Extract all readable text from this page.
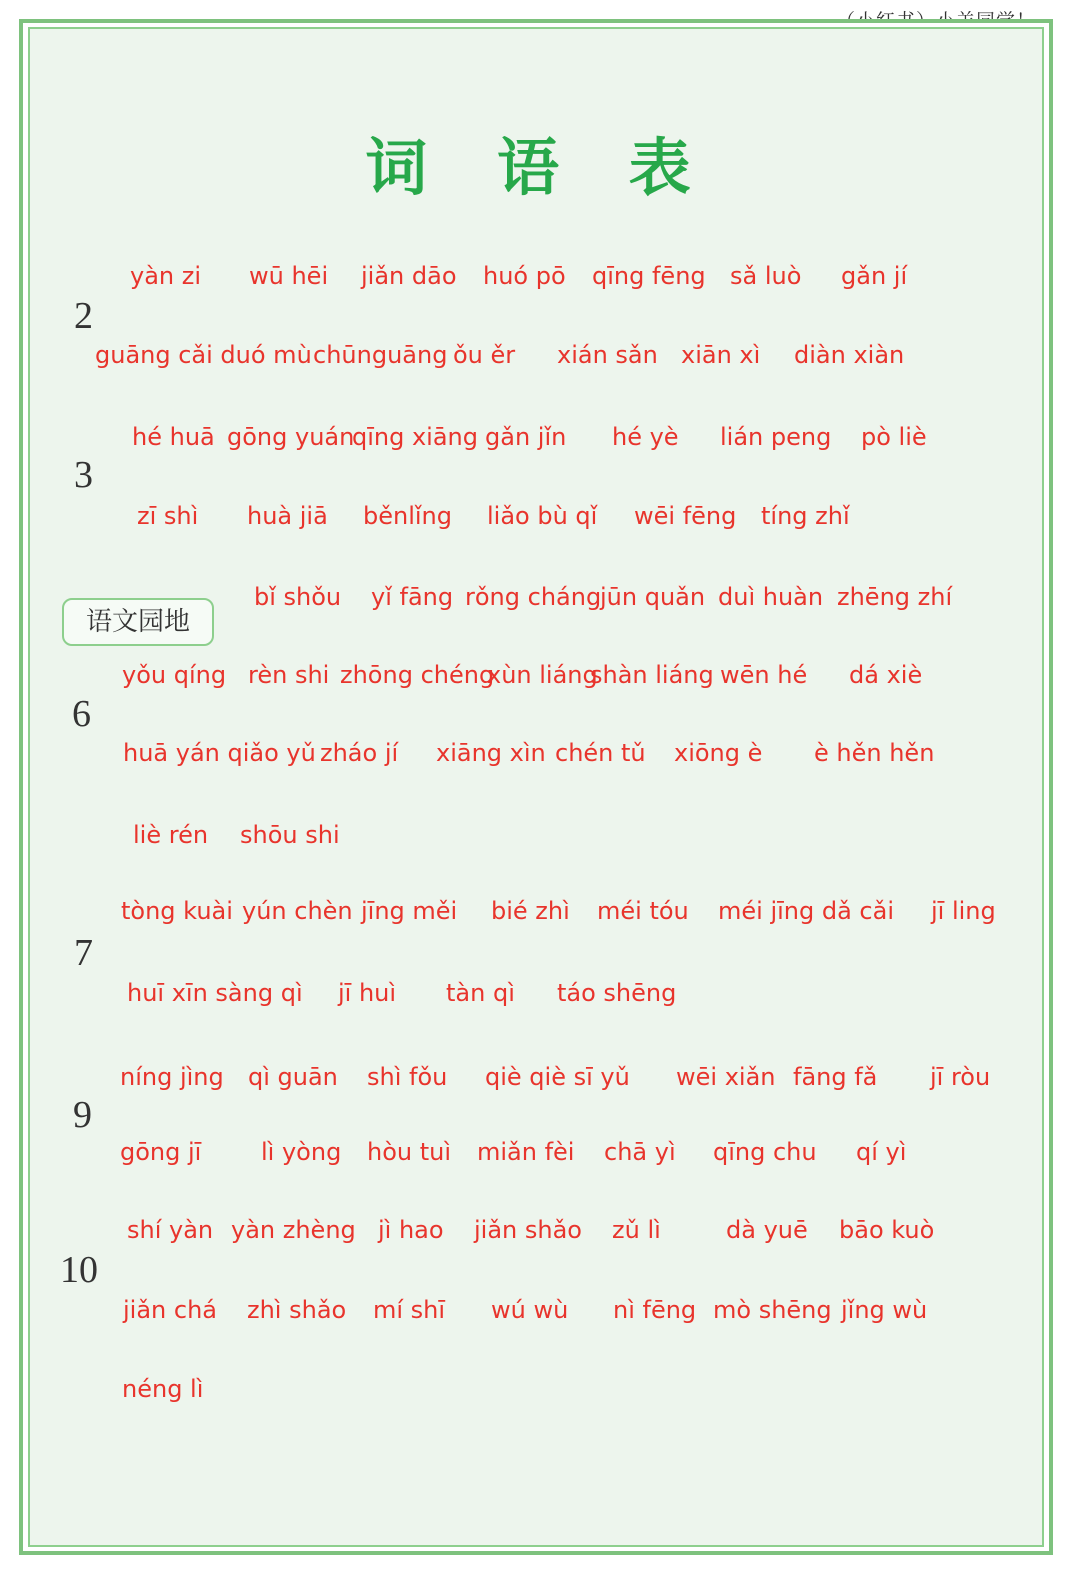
词 语 表
2
3
6
7
9
10
语文园地
yàn zi wū hēi jiǎn dāo huó pō qīng fēng sǎ luò gǎn jí
guāng cǎi duó mù chūnguāng ǒu ěr xián sǎn xiān xì diàn xiàn
hé huā gōng yuán
qīng xiāng gǎn jǐn hé yè lián peng pò liè
zī shì huà jiā běnlǐng liǎo bù qǐ wēi fēng tíng zhǐ
bǐ shǒu yǐ fāng rǒng cháng
jūn quǎn duì huàn zhēng zhí
yǒu qíng rèn shi zhōng chéng
xùn liáng
shàn liáng wēn hé dá xiè
huā yán qiǎo yǔ zháo jí xiāng xìn chén tǔ xiōng è è hěn hěn
liè rén shōu shi
tòng kuài yún chèn jīng měi bié zhì méi tóu méi jīng dǎ cǎi jī ling
huī xīn sàng qì jī huì tàn qì táo shēng
níng jìng qì guān shì fǒu qiè qiè sī yǔ wēi xiǎn fāng fǎ jī ròu
gōng jī lì yòng hòu tuì miǎn fèi chā yì qīng chu qí yì
shí yàn yàn zhèng jì hao jiǎn shǎo zǔ lì	dà yuē bāo kuò
jiǎn chá zhì shǎo mí shī wú wù nì fēng mò shēng jǐng wù
néng lì
